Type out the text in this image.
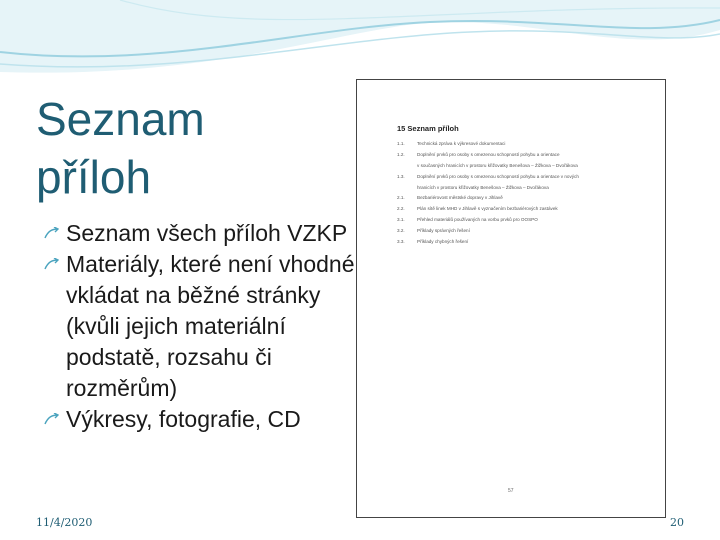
Seznam
příloh
Seznam všech příloh VZKP
Materiály, které není vhodné vkládat na běžné stránky (kvůli jejich materiální podstatě, rozsahu či rozměrům)
Výkresy, fotografie, CD
15 Seznam příloh
1.1.	Technická zpráva k výkresové dokumentaci
1.2.	Doplnění prvků pro osoby s omezenou schopností pohybu a orientace
v současných hranicích v prostoru křižovatky Benešova – Žižkova – Dvořákova
1.3.	Doplnění prvků pro osoby s omezenou schopností pohybu a orientace v nových
hranicích v prostoru křižovatky Benešova – Žižkova – Dvořákova
2.1.	Bezbariérovost městské dopravy v Jihlavě
2.2.	Plán sítě linek MHD v Jihlavě s vyznačením bezbariérových zastávek
3.1.	Přehled materiálů používaných na vorbu prvků pro OOSPO
3.2.	Příklady správných řešení
3.3.	Příklady chybných řešení
57
11/4/2020	20
